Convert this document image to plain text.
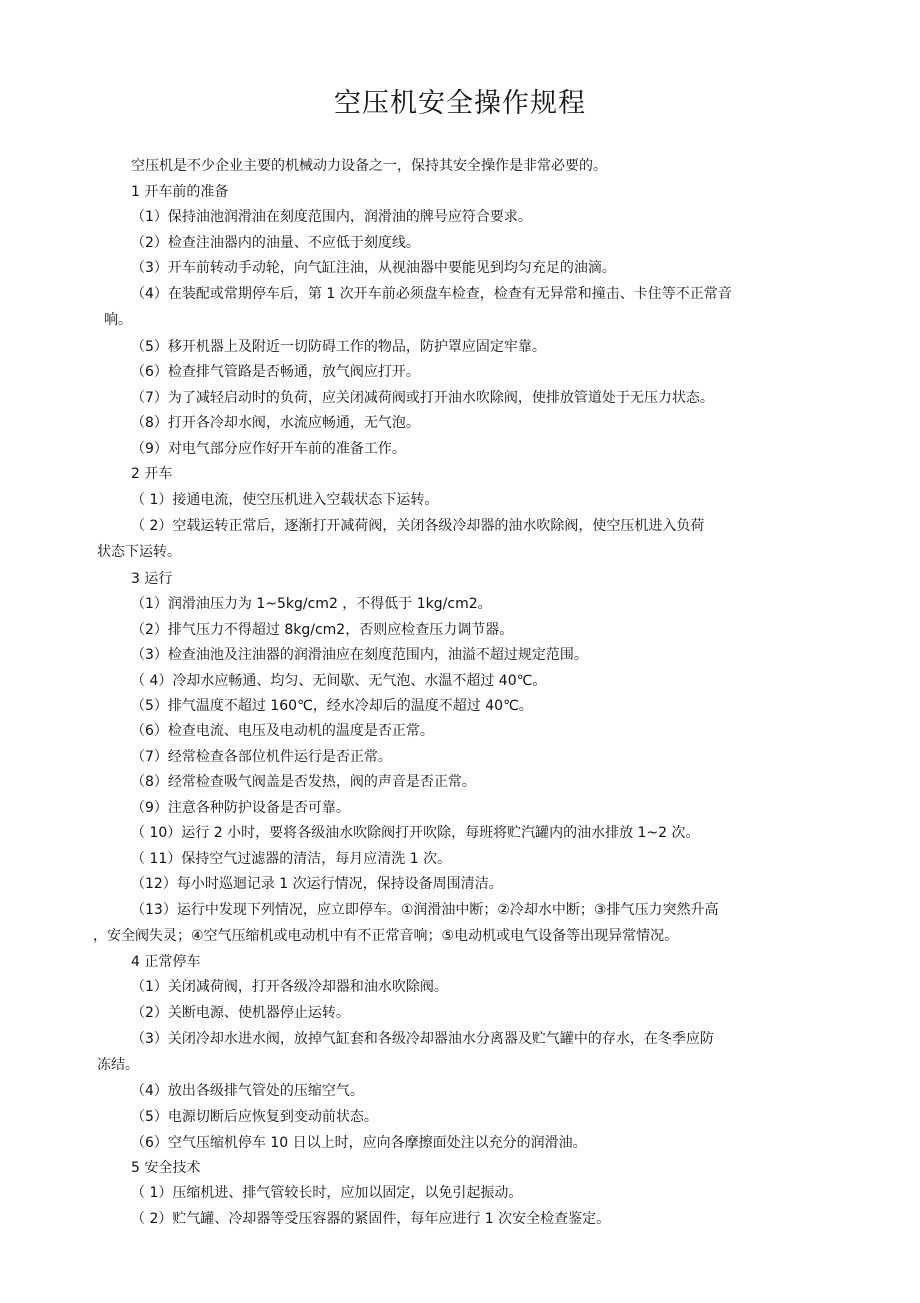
空压机安全操作规程
空压机是不少企业主要的机械动力设备之一，保持其安全操作是非常必要的。
1 开车前的准备
（1）保持油池润滑油在刻度范围内，润滑油的牌号应符合要求。
（2）检查注油器内的油量、不应低于刻度线。
（3）开车前转动手动轮，向气缸注油，从视油器中要能见到均匀充足的油滴。
（4）在装配或常期停车后，第 1 次开车前必须盘车检查，检查有无异常和撞击、卡住等不正常音
响。
（5）移开机器上及附近一切防碍工作的物品，防护罩应固定牢靠。
（6）检查排气管路是否畅通，放气阀应打开。
（7）为了减轻启动时的负荷，应关闭减荷阀或打开油水吹除阀，使排放管道处于无压力状态。
（8）打开各冷却水阀，水流应畅通，无气泡。
（9）对电气部分应作好开车前的准备工作。
2 开车
（ 1）接通电流，使空压机进入空载状态下运转。
（ 2）空载运转正常后，逐渐打开减荷阀，关闭各级冷却器的油水吹除阀，使空压机进入负荷
状态下运转。
3 运行
（1）润滑油压力为 1~5kg/cm2 ，不得低于 1kg/cm2。
（2）排气压力不得超过 8kg/cm2，否则应检查压力调节器。
（3）检查油池及注油器的润滑油应在刻度范围内，油溢不超过规定范围。
（ 4）冷却水应畅通、均匀、无间歇、无气泡、水温不超过 40℃。
（5）排气温度不超过 160℃，经水冷却后的温度不超过 40℃。
（6）检查电流、电压及电动机的温度是否正常。
（7）经常检查各部位机件运行是否正常。
（8）经常检查吸气阀盖是否发热，阀的声音是否正常。
（9）注意各种防护设备是否可靠。
（ 10）运行 2 小时，要将各级油水吹除阀打开吹除，每班将贮汽罐内的油水排放 1~2 次。
（ 11）保持空气过滤器的清洁，每月应清洗 1 次。
（12）每小时巡迴记录 1 次运行情况，保持设备周围清洁。
（13）运行中发现下列情况，应立即停车。①润滑油中断；②冷却水中断；③排气压力突然升高
，安全阀失灵；④空气压缩机或电动机中有不正常音响；⑤电动机或电气设备等出现异常情况。
4 正常停车
（1）关闭减荷阀，打开各级冷却器和油水吹除阀。
（2）关断电源、使机器停止运转。
（3）关闭冷却水进水阀，放掉气缸套和各级冷却器油水分离器及贮气罐中的存水，在冬季应防
冻结。
（4）放出各级排气管处的压缩空气。
（5）电源切断后应恢复到变动前状态。
（6）空气压缩机停车 10 日以上时，应向各摩擦面处注以充分的润滑油。
5 安全技术
（ 1）压缩机进、排气管较长时，应加以固定，以免引起振动。
（ 2）贮气罐、冷却器等受压容器的紧固件，每年应进行 1 次安全检查鉴定。
